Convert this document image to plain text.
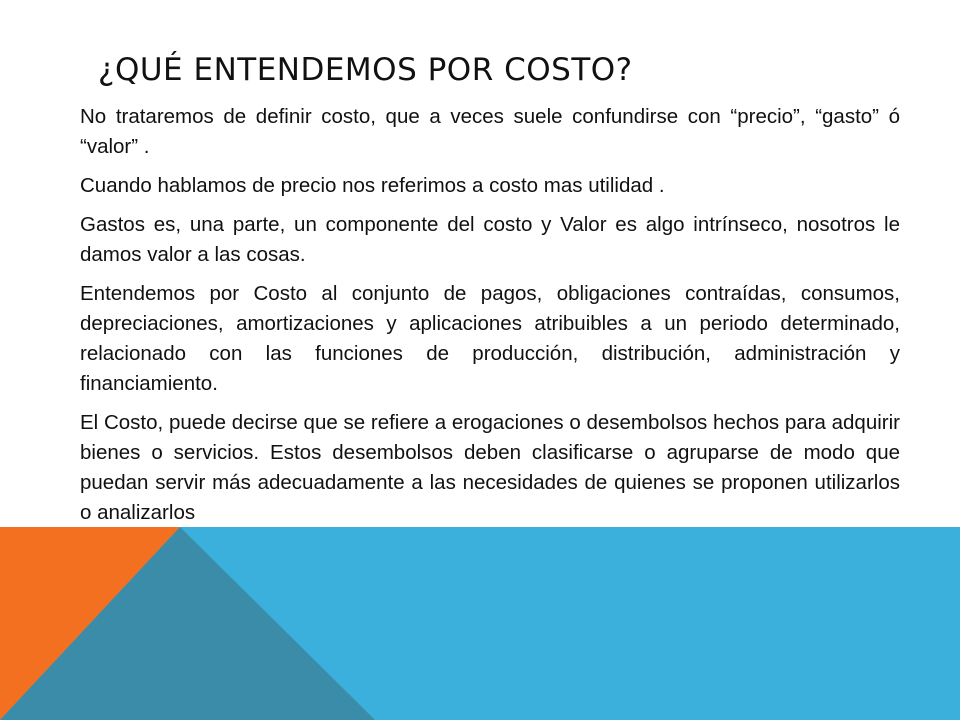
¿QUÉ ENTENDEMOS POR COSTO?

No trataremos de definir costo, que a veces suele confundirse con “precio”, “gasto” ó “valor” .

Cuando hablamos de precio nos referimos a costo mas utilidad .

Gastos es, una parte, un componente del costo y Valor es algo intrínseco, nosotros le damos valor a las cosas.

Entendemos por Costo al conjunto de pagos, obligaciones contraídas, consumos, depreciaciones, amortizaciones y aplicaciones atribuibles a un periodo determinado, relacionado con las funciones de producción, distribución, administración y financiamiento.

El Costo, puede decirse que se refiere a erogaciones o desembolsos hechos para adquirir bienes o servicios. Estos desembolsos deben clasificarse o agruparse de modo que puedan servir más adecuadamente a las necesidades de quienes se proponen utilizarlos o analizarlos
